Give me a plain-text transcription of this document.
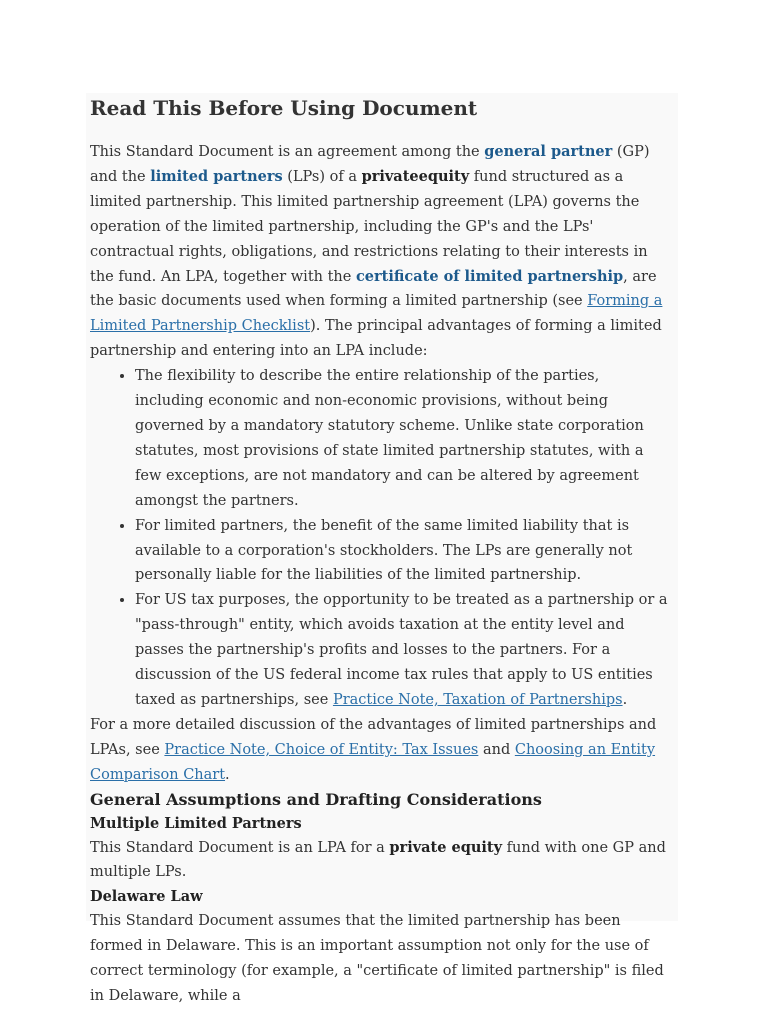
Read This Before Using Document

This Standard Document is an agreement among the general partner (GP) and the limited partners (LPs) of a privateequity fund structured as a limited partnership. This limited partnership agreement (LPA) governs the operation of the limited partnership, including the GP's and the LPs' contractual rights, obligations, and restrictions relating to their interests in the fund. An LPA, together with the certificate of limited partnership, are the basic documents used when forming a limited partnership (see Forming a Limited Partnership Checklist). The principal advantages of forming a limited partnership and entering into an LPA include:

• The flexibility to describe the entire relationship of the parties, including economic and non-economic provisions, without being governed by a mandatory statutory scheme. Unlike state corporation statutes, most provisions of state limited partnership statutes, with a few exceptions, are not mandatory and can be altered by agreement amongst the partners.
• For limited partners, the benefit of the same limited liability that is available to a corporation's stockholders. The LPs are generally not personally liable for the liabilities of the limited partnership.
• For US tax purposes, the opportunity to be treated as a partnership or a "pass-through" entity, which avoids taxation at the entity level and passes the partnership's profits and losses to the partners. For a discussion of the US federal income tax rules that apply to US entities taxed as partnerships, see Practice Note, Taxation of Partnerships.

For a more detailed discussion of the advantages of limited partnerships and LPAs, see Practice Note, Choice of Entity: Tax Issues and Choosing an Entity Comparison Chart.

General Assumptions and Drafting Considerations
Multiple Limited Partners

This Standard Document is an LPA for a private equity fund with one GP and multiple LPs.

Delaware Law

This Standard Document assumes that the limited partnership has been formed in Delaware. This is an important assumption not only for the use of correct terminology (for example, a "certificate of limited partnership" is filed in Delaware, while a
